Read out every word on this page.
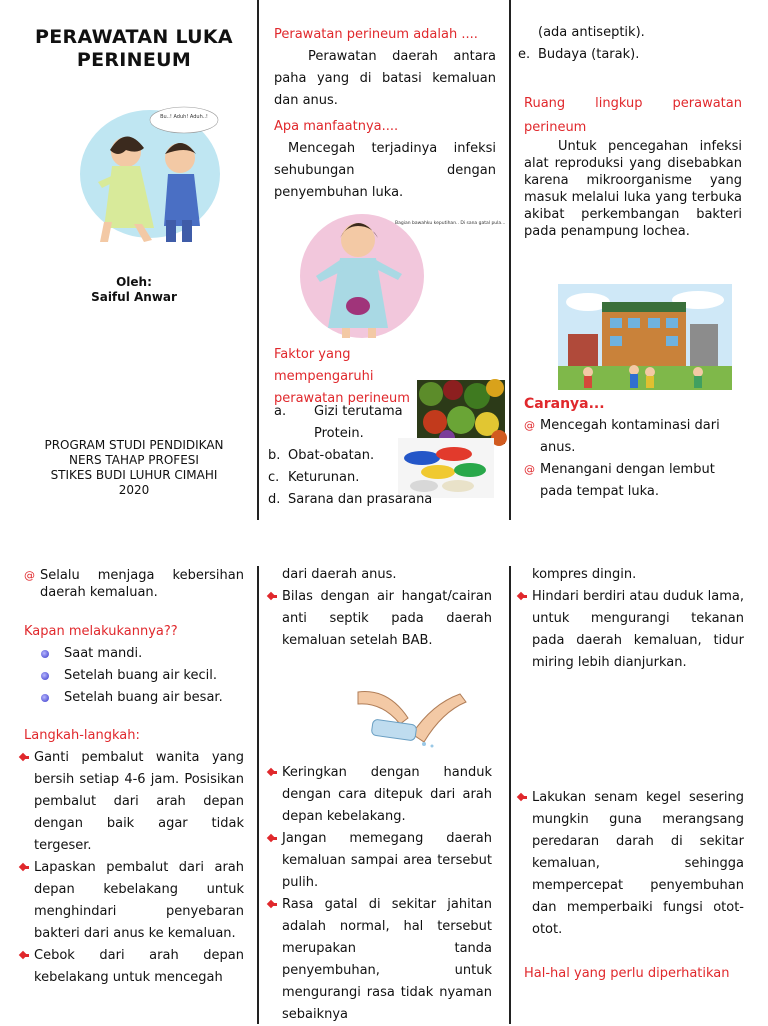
PERAWATAN LUKA PERINEUM
Bu..! Aduh! Aduh..!
Oleh:
Saiful Anwar
PROGRAM STUDI PENDIDIKAN
NERS TAHAP PROFESI
STIKES BUDI LUHUR CIMAHI
2020
Perawatan perineum adalah ....
Perawatan daerah antara paha yang di batasi kemaluan dan anus.
Apa manfaatnya....
Mencegah terjadinya infeksi sehubungan dengan penyembuhan luka.
Bagian bawahku keputihan.. Di sana gatal pula...
Faktor yang mempengaruhi perawatan perineum
a.	Gizi terutama Protein.
b. Obat-obatan.
c. Keturunan.
d. Sarana dan prasarana
(ada antiseptik).
e. Budaya (tarak).
Ruang lingkup perawatan perineum
Untuk pencegahan infeksi alat reproduksi yang disebabkan karena mikroorganisme yang masuk melalui luka yang terbuka akibat perkembangan bakteri pada penampung lochea.
Caranya...
@ Mencegah kontaminasi dari anus.
@ Menangani dengan lembut pada tempat luka.
@ Selalu menjaga kebersihan daerah kemaluan.
Kapan melakukannya??
Saat mandi.
Setelah buang air kecil.
Setelah buang air besar.
Langkah-langkah:
Ganti pembalut wanita yang bersih setiap 4-6 jam. Posisikan pembalut dari arah depan dengan baik agar tidak tergeser.
Lapaskan pembalut dari arah depan kebelakang untuk menghindari penyebaran bakteri dari anus ke kemaluan.
Cebok dari arah depan kebelakang untuk mencegah
dari daerah anus.
Bilas dengan air hangat/cairan anti septik pada daerah kemaluan setelah BAB.
Keringkan dengan handuk dengan cara ditepuk dari arah depan kebelakang.
Jangan memegang daerah kemaluan sampai area tersebut pulih.
Rasa gatal di sekitar jahitan adalah normal, hal tersebut merupakan tanda penyembuhan, untuk mengurangi rasa tidak nyaman sebaiknya
kompres dingin.
Hindari berdiri atau duduk lama, untuk mengurangi tekanan pada daerah kemaluan, tidur miring lebih dianjurkan.
Lakukan senam kegel sesering mungkin guna merangsang peredaran darah di sekitar kemaluan, sehingga mempercepat penyembuhan dan memperbaiki fungsi otot-otot.
Hal-hal yang perlu diperhatikan
